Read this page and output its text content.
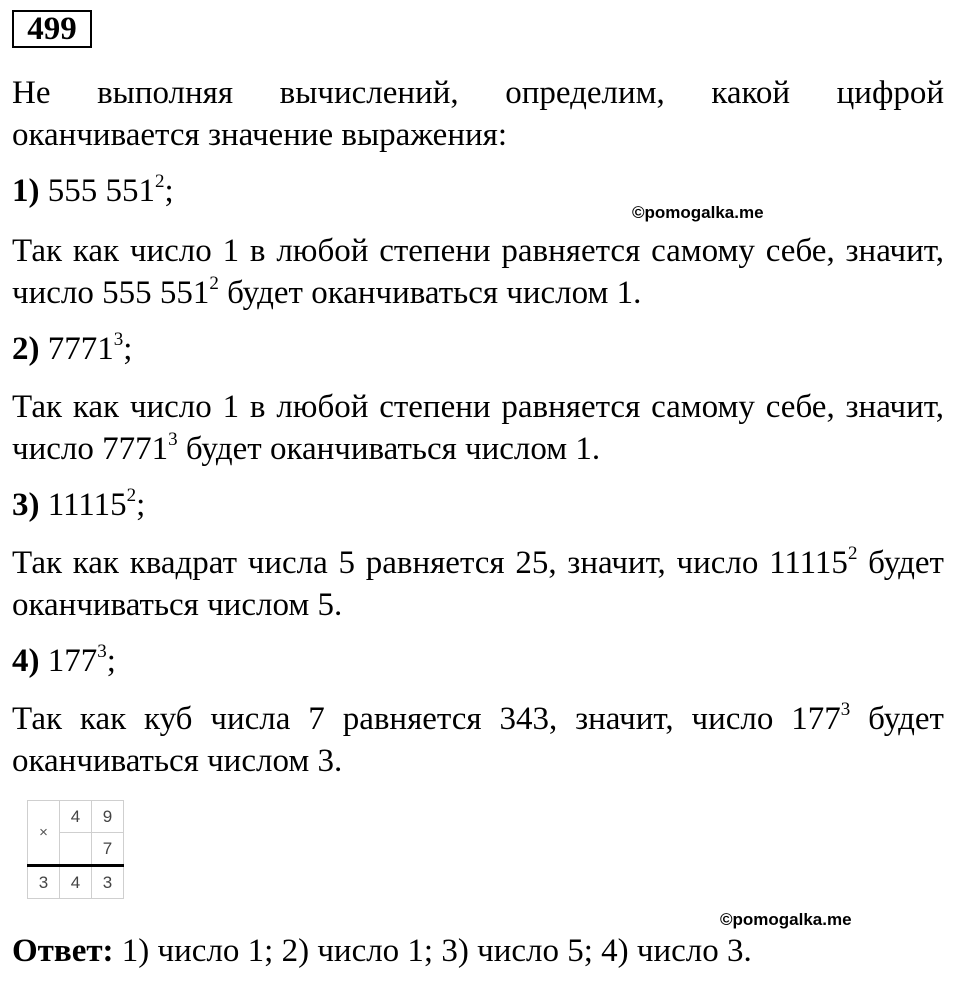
499
Не выполняя вычислений, определим, какой цифрой оканчивается значение выражения:
1) 555 $551^2$;
©pomogalka.me
Так как число 1 в любой степени равняется самому себе, значит, число 555 $551^2$ будет оканчиваться числом 1.
2) 7771$^3$;
Так как число 1 в любой степени равняется самому себе, значит, число 7771$^3$ будет оканчиваться числом 1.
3) 11115$^2$;
Так как квадрат числа 5 равняется 25, значит, число 11115$^2$ будет оканчиваться числом 5.
4) $177^3$;
Так как куб числа 7 равняется 343, значит, число $177^3$ будет оканчиваться числом 3.
×	4	9
		7
3	4	3
©pomogalka.me
Ответ: 1) число 1; 2) число 1; 3) число 5; 4) число 3.
